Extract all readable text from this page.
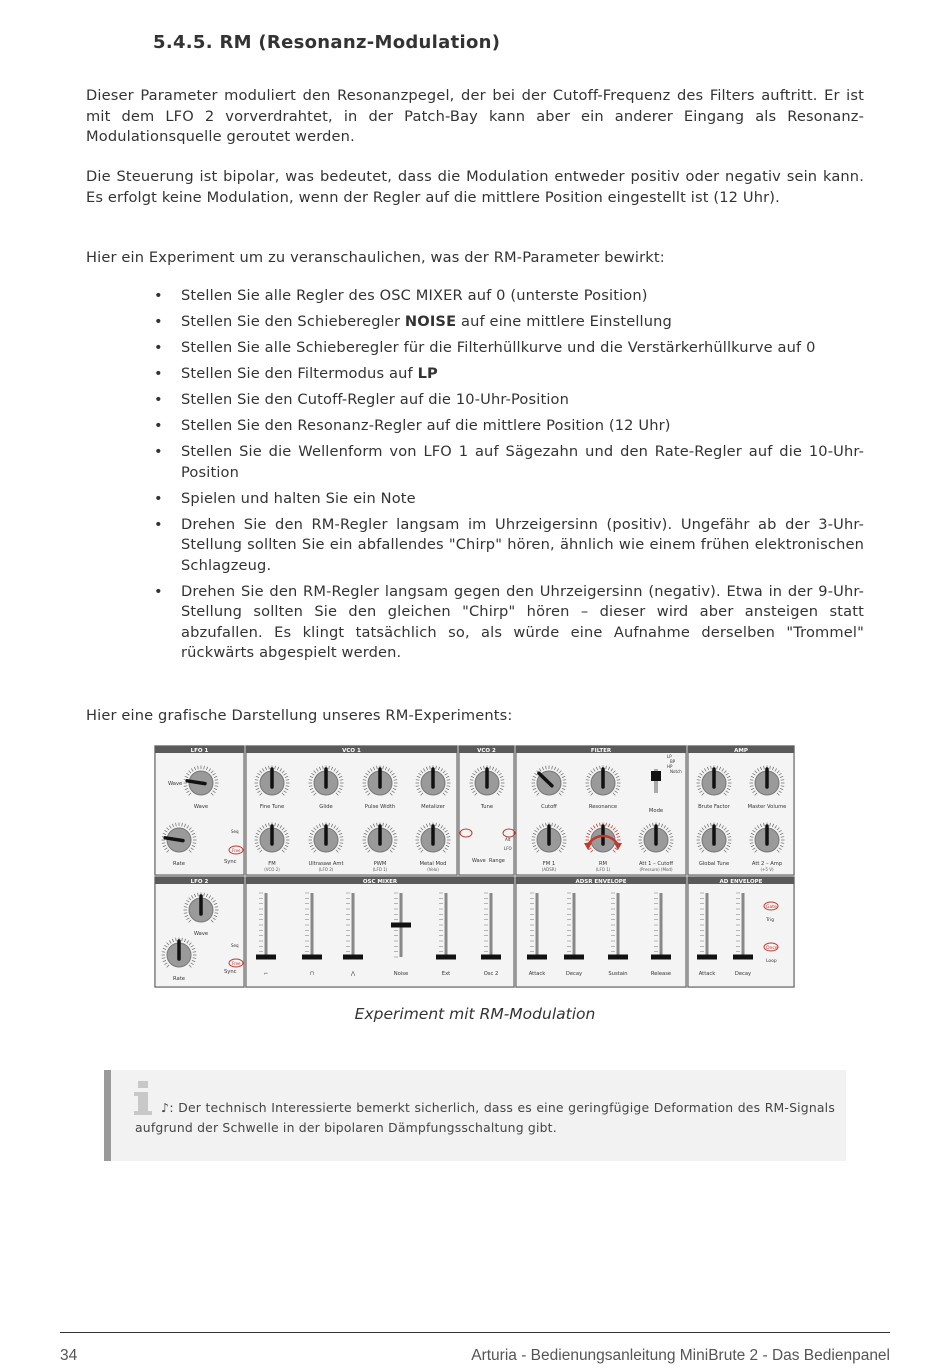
5.4.5. RM (Resonanz-Modulation)
Dieser Parameter moduliert den Resonanzpegel, der bei der Cutoff-Frequenz des Filters auftritt. Er ist mit dem LFO 2 vorverdrahtet, in der Patch-Bay kann aber ein anderer Eingang als Resonanz-Modulationsquelle geroutet werden.
Die Steuerung ist bipolar, was bedeutet, dass die Modulation entweder positiv oder negativ sein kann. Es erfolgt keine Modulation, wenn der Regler auf die mittlere Position eingestellt ist (12 Uhr).
Hier ein Experiment um zu veranschaulichen, was der RM-Parameter bewirkt:
• Stellen Sie alle Regler des OSC MIXER auf 0 (unterste Position)
• Stellen Sie den Schieberegler NOISE auf eine mittlere Einstellung
• Stellen Sie alle Schieberegler für die Filterhüllkurve und die Verstärkerhüllkurve auf 0
• Stellen Sie den Filtermodus auf LP
• Stellen Sie den Cutoff-Regler auf die 10-Uhr-Position
• Stellen Sie den Resonanz-Regler auf die mittlere Position (12 Uhr)
• Stellen Sie die Wellenform von LFO 1 auf Sägezahn und den Rate-Regler auf die 10-Uhr-Position
• Spielen und halten Sie ein Note
• Drehen Sie den RM-Regler langsam im Uhrzeigersinn (positiv). Ungefähr ab der 3-Uhr-Stellung sollten Sie ein abfallendes "Chirp" hören, ähnlich wie einem frühen elektronischen Schlagzeug.
• Drehen Sie den RM-Regler langsam gegen den Uhrzeigersinn (negativ). Etwa in der 9-Uhr-Stellung sollten Sie den gleichen "Chirp" hören – dieser wird aber ansteigen statt abzufallen. Es klingt tatsächlich so, als würde eine Aufnahme derselben "Trommel" rückwärts abgespielt werden.
Hier eine grafische Darstellung unseres RM-Experiments:
LFO 1	VCO 1	VCO 2	FILTER	AMP
LFO 2	OSC MIXER	ADSR ENVELOPE	AD ENVELOPE
Wave
Rate
Fine Tune	Glide	Pulse Width	Metalizer
FM
(VCO 2)
Ultrasaw Amt
(LFO 2)
PWM
(LFO 1)
Metal Mod
(Velo)
Tune	Cutoff	Resonance
FM 1
(ADSR)
RM
(LFO 1)
Att 1 – Cutoff
(Pressure) (Mod)
Brute Factor	Master Volume
Global Tune	Att 2 – Amp
(+5 V)
Mode
LP
BP
HP
Notch
Wave
Sync
Seq
Free
Wave
Rate
Sync
Free
Seq
Wave Range
LFO
Alt
⌐	⊓	⋀	Noise	Ext	Osc 2	Attack	Decay	Sustain	Release	Attack	Decay
Gate
Trig
Once
Loop
Experiment mit RM-Modulation
♪: Der technisch Interessierte bemerkt sicherlich, dass es eine geringfügige Deformation des RM-Signals aufgrund der Schwelle in der bipolaren Dämpfungsschaltung gibt.
34	Arturia - Bedienungsanleitung MiniBrute 2 - Das Bedienpanel
